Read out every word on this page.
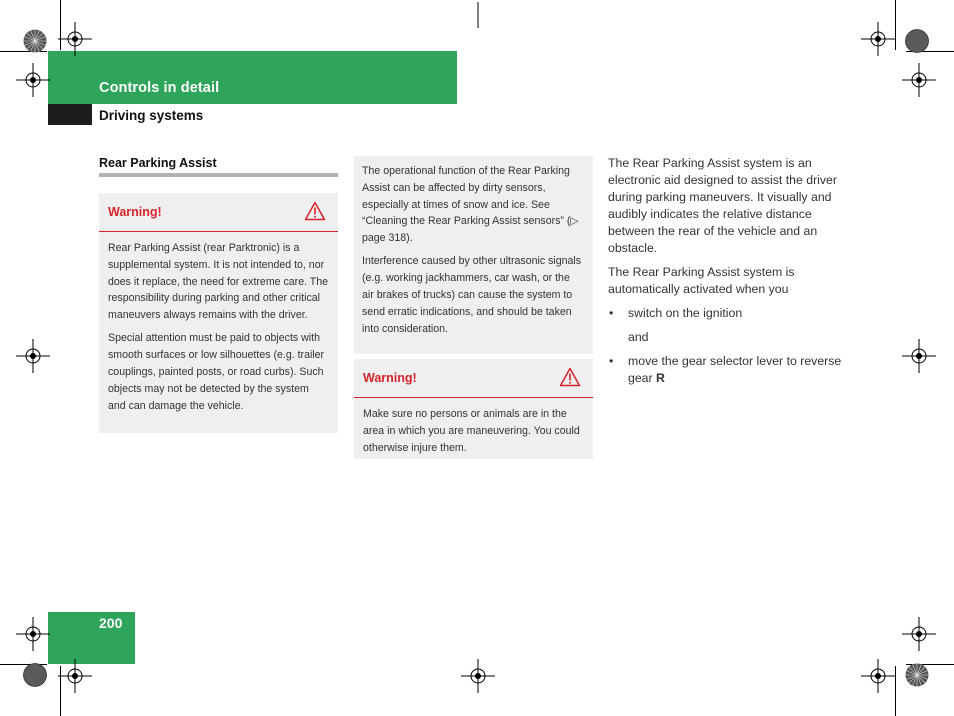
Controls in detail
Driving systems
Rear Parking Assist
Warning!

Rear Parking Assist (rear Parktronic) is a supplemental system. It is not intended to, nor does it replace, the need for extreme care. The responsibility during parking and other critical maneuvers always remains with the driver.

Special attention must be paid to objects with smooth surfaces or low silhouettes (e.g. trailer couplings, painted posts, or road curbs). Such objects may not be detected by the system and can damage the vehicle.

The operational function of the Rear Parking Assist can be affected by dirty sensors, especially at times of snow and ice. See “Cleaning the Rear Parking Assist sensors” (▷ page 318).

Interference caused by other ultrasonic signals (e.g. working jackhammers, car wash, or the air brakes of trucks) can cause the system to send erratic indications, and should be taken into consideration.

Warning!

Make sure no persons or animals are in the area in which you are maneuvering. You could otherwise injure them.

The Rear Parking Assist system is an electronic aid designed to assist the driver during parking maneuvers. It visually and audibly indicates the relative distance between the rear of the vehicle and an obstacle.

The Rear Parking Assist system is automatically activated when you

• switch on the ignition
and
• move the gear selector lever to reverse gear R
200
